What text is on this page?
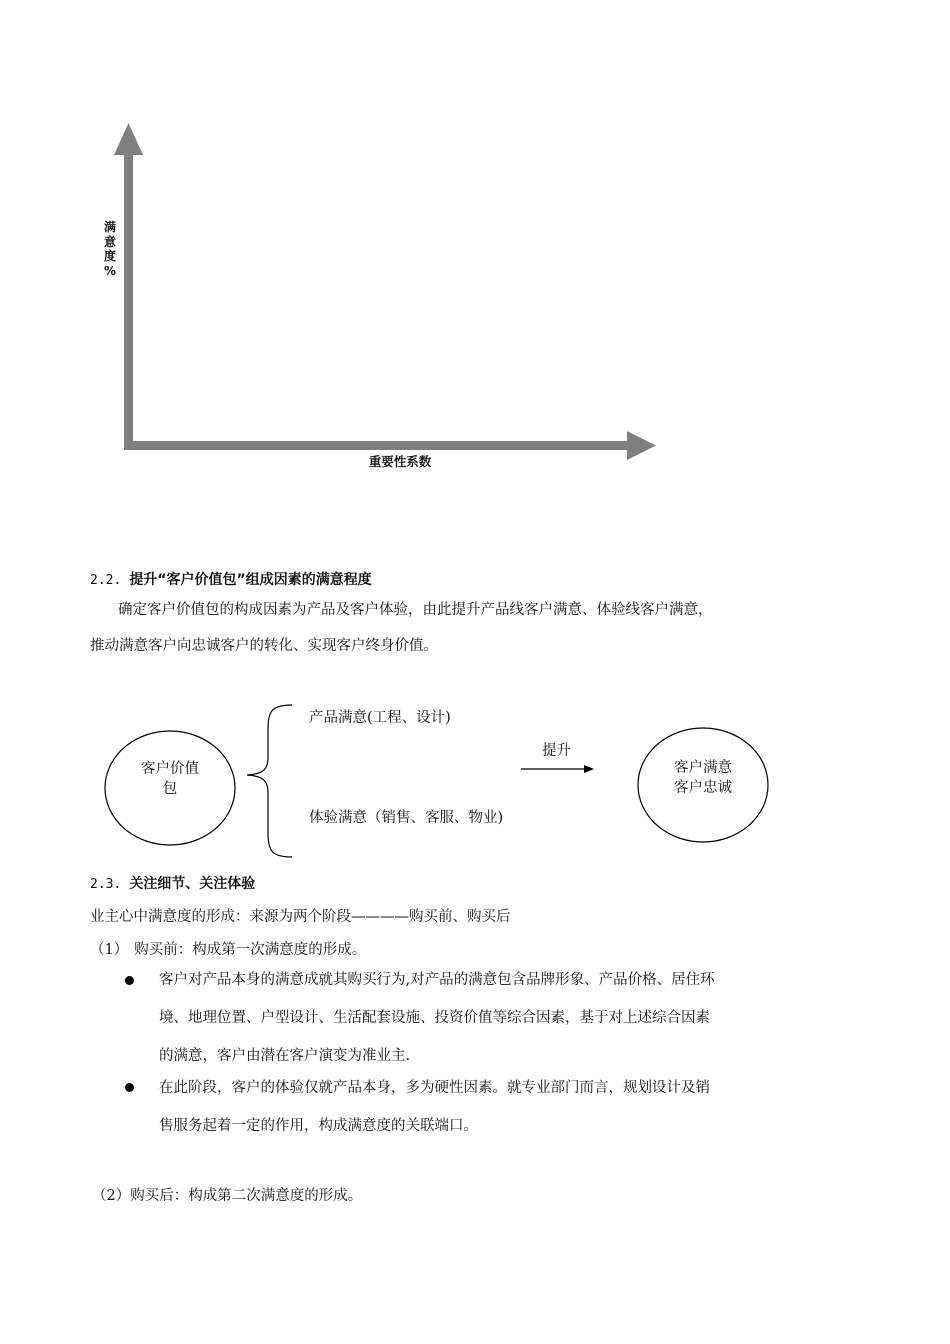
满
意
度
%
重要性系数
2.2. 提升“客户价值包”组成因素的满意程度
确定客户价值包的构成因素为产品及客户体验，由此提升产品线客户满意、体验线客户满意，
推动满意客户向忠诚客户的转化、实现客户终身价值。
客户价值
包
产品满意(工程、设计)
体验满意（销售、客服、物业)
提升
客户满意
客户忠诚
2.3. 关注细节、关注体验
业主心中满意度的形成：来源为两个阶段————购买前、购买后
（1） 购买前：构成第一次满意度的形成。
客户对产品本身的满意成就其购买行为,对产品的满意包含品牌形象、产品价格、居住环
境、地理位置、户型设计、生活配套设施、投资价值等综合因素，基于对上述综合因素
的满意，客户由潜在客户演变为准业主.
在此阶段，客户的体验仅就产品本身，多为硬性因素。就专业部门而言，规划设计及销
售服务起着一定的作用，构成满意度的关联端口。
（2）购买后：构成第二次满意度的形成。
